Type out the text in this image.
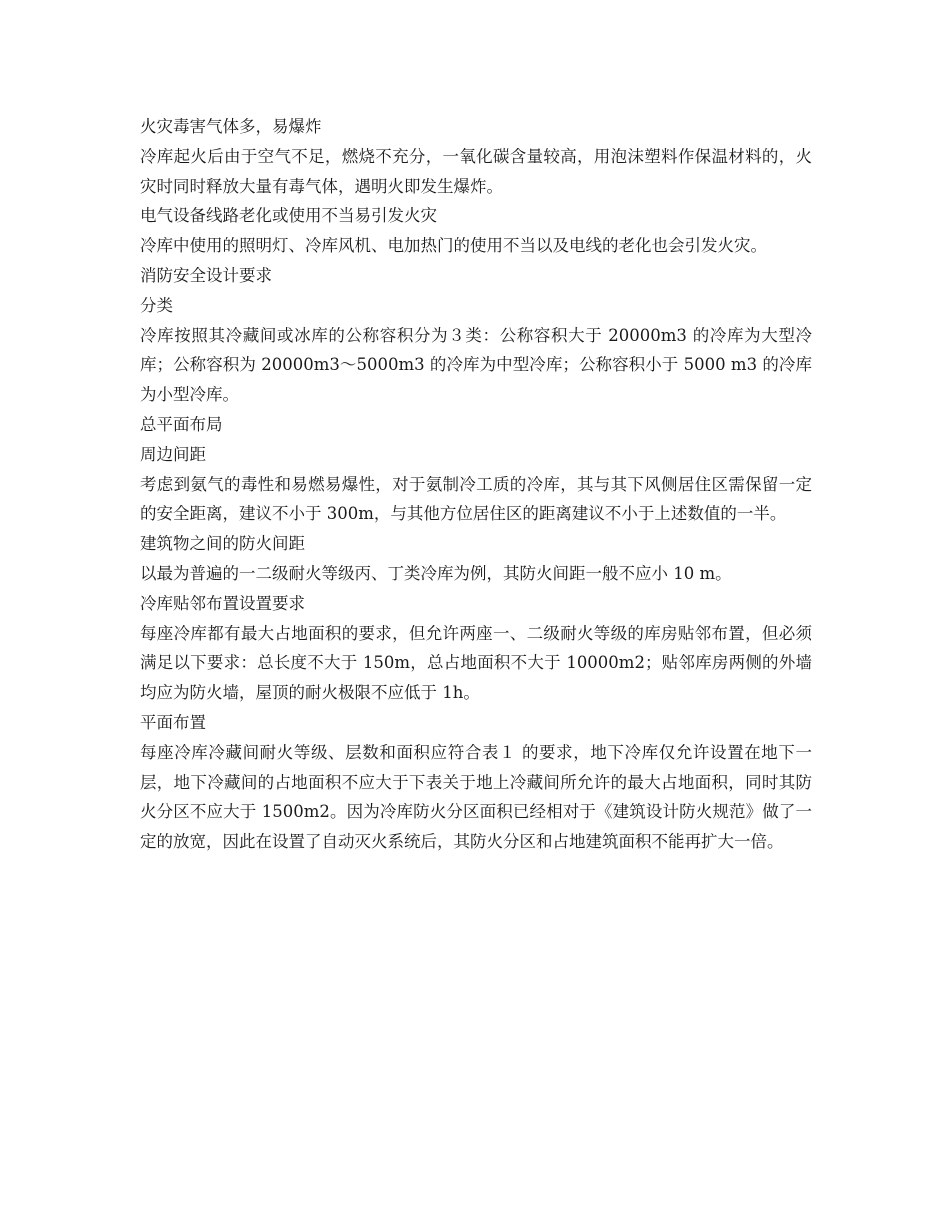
火灾毒害气体多，易爆炸

冷库起火后由于空气不足，燃烧不充分，一氧化碳含量较高，用泡沫塑料作保温材料的，火灾时同时释放大量有毒气体，遇明火即发生爆炸。

电气设备线路老化或使用不当易引发火灾

冷库中使用的照明灯、冷库风机、电加热门的使用不当以及电线的老化也会引发火灾。

消防安全设计要求

分类

冷库按照其冷藏间或冰库的公称容积分为３类：公称容积大于 20000m3 的冷库为大型冷库；公称容积为 20000m3～5000m3 的冷库为中型冷库；公称容积小于 5000 m3 的冷库为小型冷库。

总平面布局

周边间距

考虑到氨气的毒性和易燃易爆性，对于氨制冷工质的冷库，其与其下风侧居住区需保留一定的安全距离，建议不小于 300m，与其他方位居住区的距离建议不小于上述数值的一半。

建筑物之间的防火间距

以最为普遍的一二级耐火等级丙、丁类冷库为例，其防火间距一般不应小 10 m。

冷库贴邻布置设置要求

每座冷库都有最大占地面积的要求，但允许两座一、二级耐火等级的库房贴邻布置，但必须满足以下要求：总长度不大于 150m，总占地面积不大于 10000m2；贴邻库房两侧的外墙均应为防火墙，屋顶的耐火极限不应低于 1h。

平面布置

每座冷库冷藏间耐火等级、层数和面积应符合表１ 的要求，地下冷库仅允许设置在地下一层，地下冷藏间的占地面积不应大于下表关于地上冷藏间所允许的最大占地面积，同时其防火分区不应大于 1500m2。因为冷库防火分区面积已经相对于《建筑设计防火规范》做了一定的放宽，因此在设置了自动灭火系统后，其防火分区和占地建筑面积不能再扩大一倍。
